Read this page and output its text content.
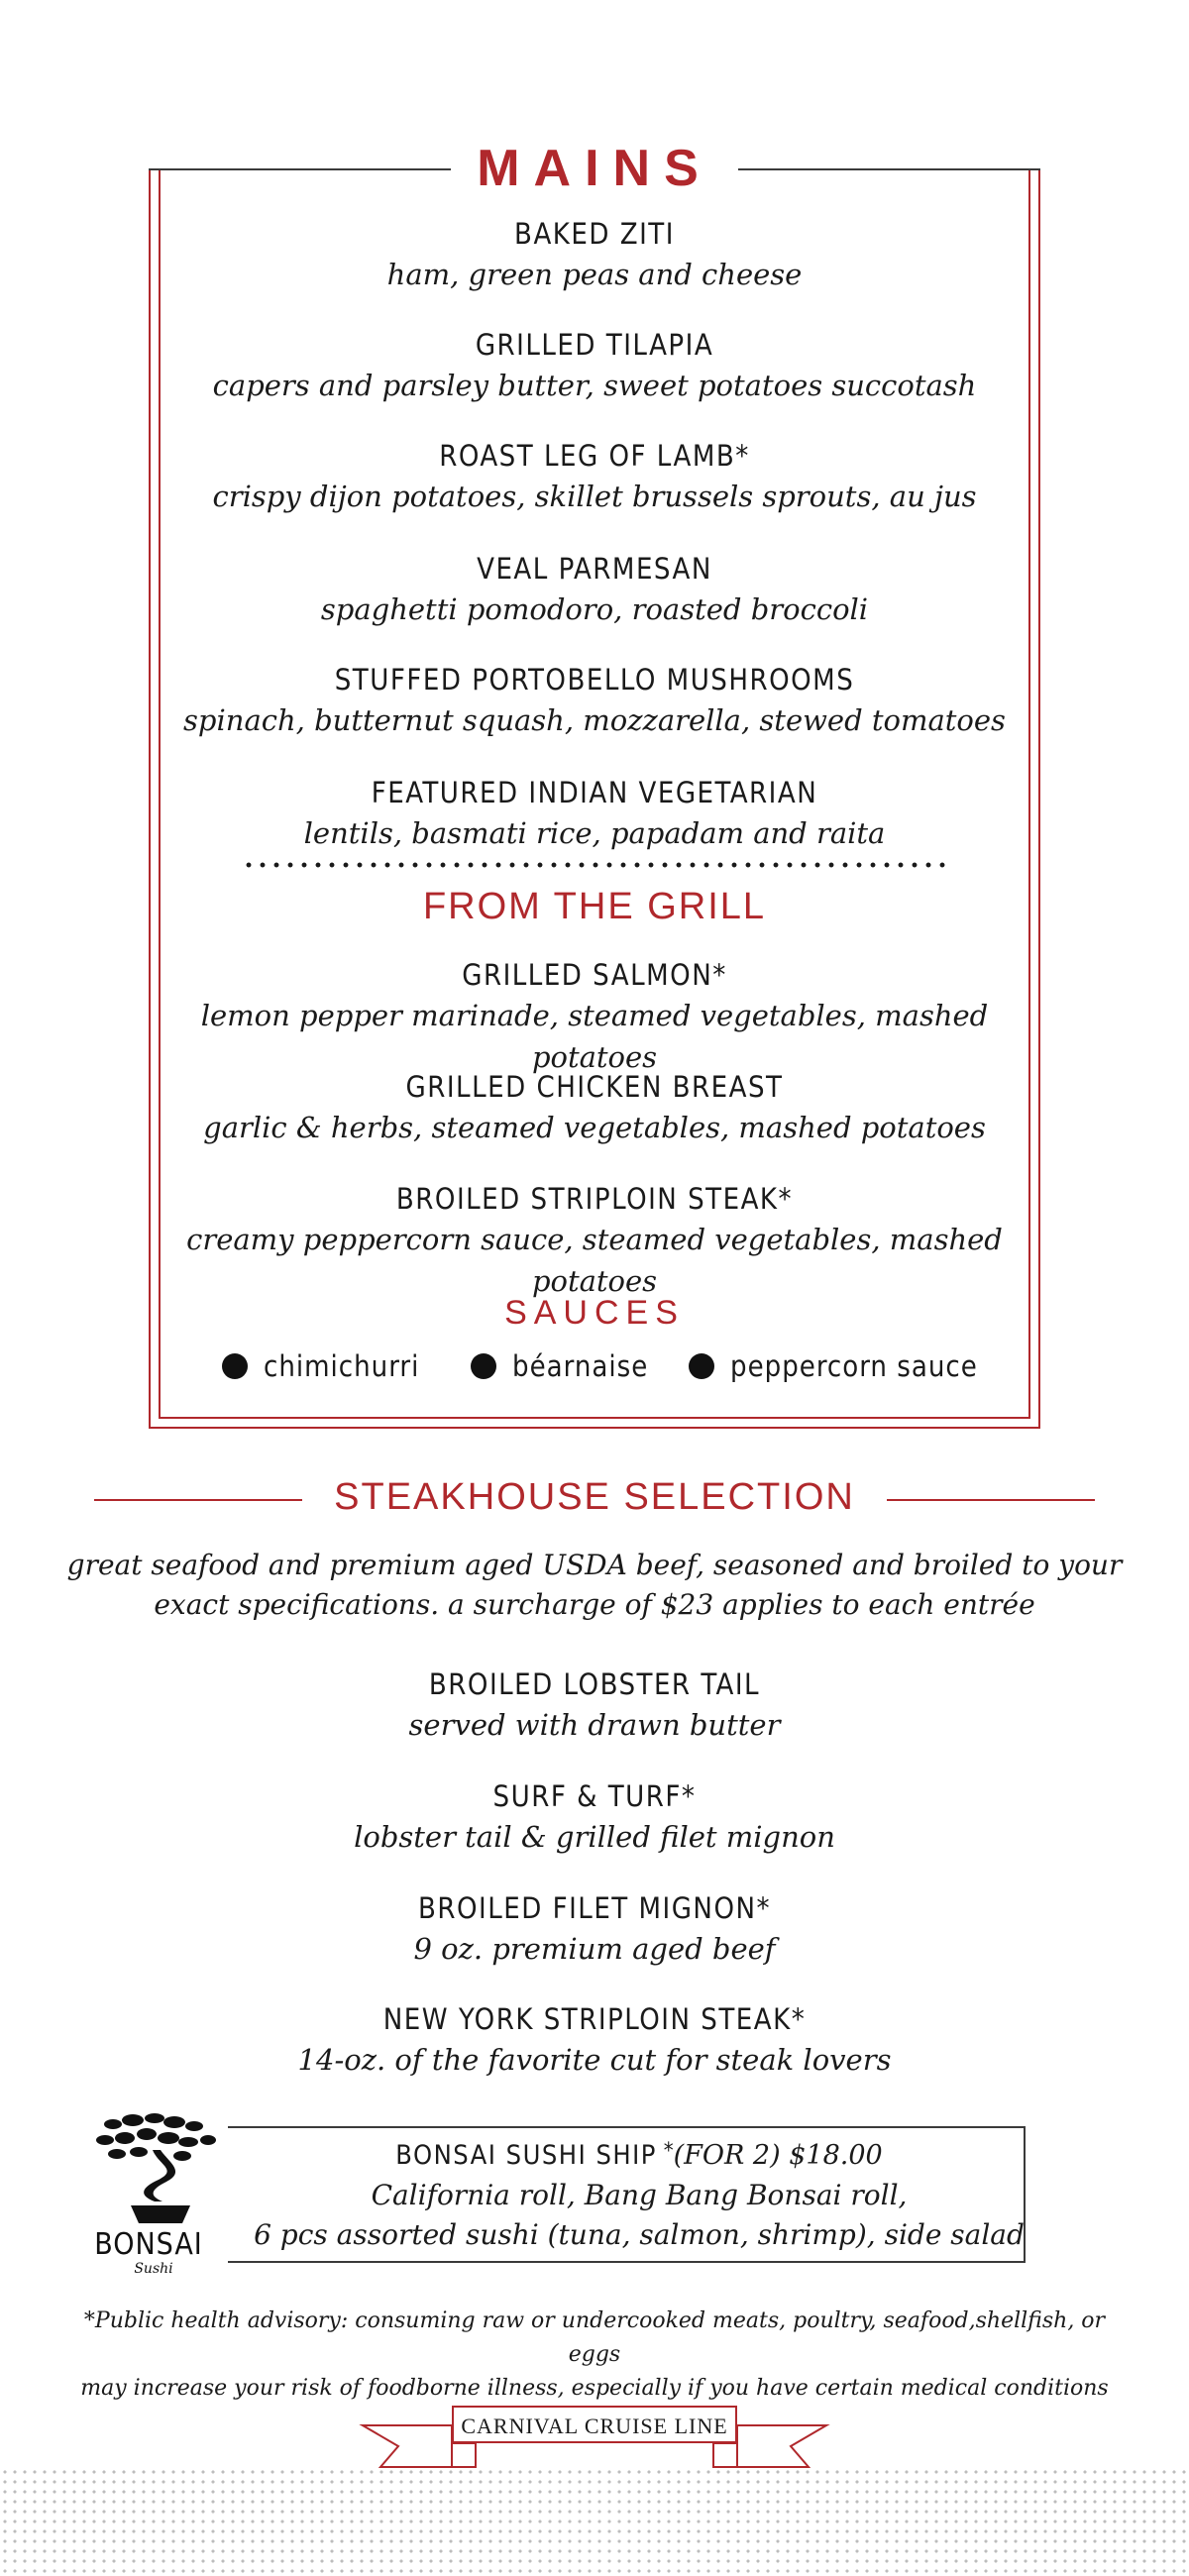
MAINS
BAKED ZITI
ham, green peas and cheese
GRILLED TILAPIA
capers and parsley butter, sweet potatoes succotash
ROAST LEG OF LAMB*
crispy dijon potatoes, skillet brussels sprouts, au jus
VEAL PARMESAN
spaghetti pomodoro, roasted broccoli
STUFFED PORTOBELLO MUSHROOMS
spinach, butternut squash, mozzarella, stewed tomatoes
FEATURED INDIAN VEGETARIAN
lentils, basmati rice, papadam and raita
FROM THE GRILL
GRILLED SALMON*
lemon pepper marinade, steamed vegetables, mashed potatoes
GRILLED CHICKEN BREAST
garlic & herbs, steamed vegetables, mashed potatoes
BROILED STRIPLOIN STEAK*
creamy peppercorn sauce, steamed vegetables, mashed potatoes
SAUCES
chimichurri	béarnaise	peppercorn sauce
STEAKHOUSE SELECTION
great seafood and premium aged USDA beef, seasoned and broiled to your
exact specifications. a surcharge of $23 applies to each entrée
BROILED LOBSTER TAIL
served with drawn butter
SURF & TURF*
lobster tail & grilled filet mignon
BROILED FILET MIGNON*
9 oz. premium aged beef
NEW YORK STRIPLOIN STEAK*
14-oz. of the favorite cut for steak lovers
BONSAI SUSHI SHIP *(FOR 2) $18.00
California roll, Bang Bang Bonsai roll,
6 pcs assorted sushi (tuna, salmon, shrimp), side salad
BONSAI
Sushi
*Public health advisory: consuming raw or undercooked meats, poultry, seafood,shellfish, or eggs
may increase your risk of foodborne illness, especially if you have certain medical conditions
CARNIVAL CRUISE LINE
